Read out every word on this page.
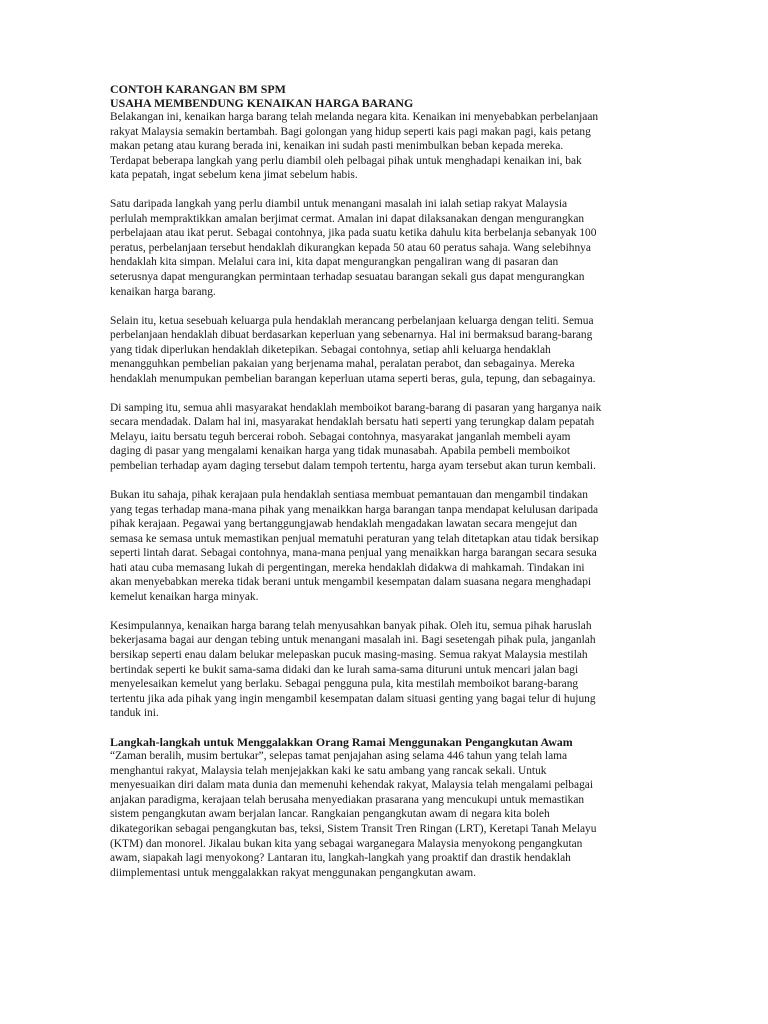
CONTOH KARANGAN BM SPM
USAHA MEMBENDUNG KENAIKAN HARGA BARANG

Belakangan ini, kenaikan harga barang telah melanda negara kita. Kenaikan ini menyebabkan perbelanjaan
rakyat Malaysia semakin bertambah. Bagi golongan yang hidup seperti kais pagi makan pagi, kais petang
makan petang atau kurang berada ini, kenaikan ini sudah pasti menimbulkan beban kepada mereka.
Terdapat beberapa langkah yang perlu diambil oleh pelbagai pihak untuk menghadapi kenaikan ini, bak
kata pepatah, ingat sebelum kena jimat sebelum habis.

Satu daripada langkah yang perlu diambil untuk menangani masalah ini ialah setiap rakyat Malaysia
perlulah mempraktikkan amalan berjimat cermat. Amalan ini dapat dilaksanakan dengan mengurangkan
perbelajaan atau ikat perut. Sebagai contohnya, jika pada suatu ketika dahulu kita berbelanja sebanyak 100
peratus, perbelanjaan tersebut hendaklah dikurangkan kepada 50 atau 60 peratus sahaja. Wang selebihnya
hendaklah kita simpan. Melalui cara ini, kita dapat mengurangkan pengaliran wang di pasaran dan
seterusnya dapat mengurangkan permintaan terhadap sesuatau barangan sekali gus dapat mengurangkan
kenaikan harga barang.

Selain itu, ketua sesebuah keluarga pula hendaklah merancang perbelanjaan keluarga dengan teliti. Semua
perbelanjaan hendaklah dibuat berdasarkan keperluan yang sebenarnya. Hal ini bermaksud barang-barang
yang tidak diperlukan hendaklah diketepikan. Sebagai contohnya, setiap ahli keluarga hendaklah
menangguhkan pembelian pakaian yang berjenama mahal, peralatan perabot, dan sebagainya. Mereka
hendaklah menumpukan pembelian barangan keperluan utama seperti beras, gula, tepung, dan sebagainya.

Di samping itu, semua ahli masyarakat hendaklah memboikot barang-barang di pasaran yang harganya naik
secara mendadak. Dalam hal ini, masyarakat hendaklah bersatu hati seperti yang terungkap dalam pepatah
Melayu, iaitu bersatu teguh bercerai roboh. Sebagai contohnya, masyarakat janganlah membeli ayam
daging di pasar yang mengalami kenaikan harga yang tidak munasabah. Apabila pembeli memboikot
pembelian terhadap ayam daging tersebut dalam tempoh tertentu, harga ayam tersebut akan turun kembali.

Bukan itu sahaja, pihak kerajaan pula hendaklah sentiasa membuat pemantauan dan mengambil tindakan
yang tegas terhadap mana-mana pihak yang menaikkan harga barangan tanpa mendapat kelulusan daripada
pihak kerajaan. Pegawai yang bertanggungjawab hendaklah mengadakan lawatan secara mengejut dan
semasa ke semasa untuk memastikan penjual mematuhi peraturan yang telah ditetapkan atau tidak bersikap
seperti lintah darat. Sebagai contohnya, mana-mana penjual yang menaikkan harga barangan secara sesuka
hati atau cuba memasang lukah di pergentingan, mereka hendaklah didakwa di mahkamah. Tindakan ini
akan menyebabkan mereka tidak berani untuk mengambil kesempatan dalam suasana negara menghadapi
kemelut kenaikan harga minyak.

Kesimpulannya, kenaikan harga barang telah menyusahkan banyak pihak. Oleh itu, semua pihak haruslah
bekerjasama bagai aur dengan tebing untuk menangani masalah ini. Bagi sesetengah pihak pula, janganlah
bersikap seperti enau dalam belukar melepaskan pucuk masing-masing. Semua rakyat Malaysia mestilah
bertindak seperti ke bukit sama-sama didaki dan ke lurah sama-sama dituruni untuk mencari jalan bagi
menyelesaikan kemelut yang berlaku. Sebagai pengguna pula, kita mestilah memboikot barang-barang
tertentu jika ada pihak yang ingin mengambil kesempatan dalam situasi genting yang bagai telur di hujung
tanduk ini.

Langkah-langkah untuk Menggalakkan Orang Ramai Menggunakan Pengangkutan Awam

“Zaman beralih, musim bertukar”, selepas tamat penjajahan asing selama 446 tahun yang telah lama
menghantui rakyat, Malaysia telah menjejakkan kaki ke satu ambang yang rancak sekali. Untuk
menyesuaikan diri dalam mata dunia dan memenuhi kehendak rakyat, Malaysia telah mengalami pelbagai
anjakan paradigma, kerajaan telah berusaha menyediakan prasarana yang mencukupi untuk memastikan
sistem pengangkutan awam berjalan lancar. Rangkaian pengangkutan awam di negara kita boleh
dikategorikan sebagai pengangkutan bas, teksi, Sistem Transit Tren Ringan (LRT), Keretapi Tanah Melayu
(KTM) dan monorel. Jikalau bukan kita yang sebagai warganegara Malaysia menyokong pengangkutan
awam, siapakah lagi menyokong? Lantaran itu, langkah-langkah yang proaktif dan drastik hendaklah
diimplementasi untuk menggalakkan rakyat menggunakan pengangkutan awam.
